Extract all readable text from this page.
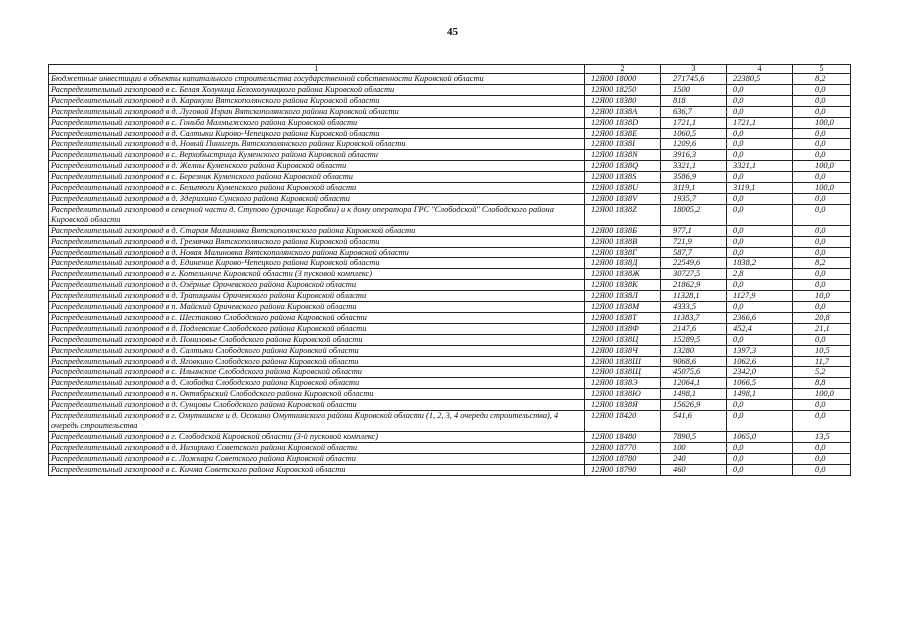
45
1	2	3	4	5
Бюджетные инвестиции в объекты капитального строительства государственной собственности Кировской области	12Я00 18000	271745,6	22380,5	8,2
Распределительный газопровод в с. Белая Холуница Белохолуницкого района Кировской области	12Я00 18250	1500	0,0	0,0
Распределительный газопровод в д. Каракули Вятскополянского района Кировской области	12Я00 18380	818	0,0	0,0
Распределительный газопровод в д. Луговой Изран Вятскополянского района Кировской области	12Я00 1838А	636,7	0,0	0,0
Распределительный газопровод в с. Гоньба Малмыжского района Кировской области	12Я00 1838D	1721,1	1721,1	100,0
Распределительный газопровод в д. Салтыки Кирово-Чепецкого района Кировской области	12Я00 1838Е	1060,5	0,0	0,0
Распределительный газопровод в д. Новый Пинигерь Вятскополянского района Кировской области	12Я00 1838I	1209,6	0,0	0,0
Распределительный газопровод в с. Верхобыстрица Куменского района Кировской области	12Я00 1838N	3916,3	0,0	0,0
Распределительный газопровод в д. Желны Куменского района Кировской области	12Я00 1838Q	3321,1	3321,1	100,0
Распределительный газопровод в с. Березник Куменского района Кировской области	12Я00 1838S	3586,9	0,0	0,0
Распределительный газопровод в с. Бельтюги Куменского района Кировской области	12Я00 1838U	3119,1	3119,1	100,0
Распределительный газопровод в д. Здерихино Сунского района Кировской области	12Я00 1838V	1935,7	0,0	0,0
Распределительный газопровод в северной части д. Ступово (урочище Коробки) и к дому оператора ГРС "Слободской" Слободского района Кировской области	12Я00 1838Z	18005,2	0,0	0,0
Распределительный газопровод в д. Старая Малиновка Вятскополянского района Кировской области	12Я00 1838Б	977,1	0,0	0,0
Распределительный газопровод в д. Гремячка Вятскополянского района Кировской области	12Я00 1838В	721,9	0,0	0,0
Распределительный газопровод в д. Новая Малиновка Вятскополянского района Кировской области	12Я00 1838Г	587,7	0,0	0,0
Распределительный газопровод в д. Единение Кирово-Чепецкого района Кировской области	12Я00 1838Д	22549,6	1838,2	8,2
Распределительный газопровод в г. Котельниче Кировской области (3 пусковой комплекс)	12Я00 1838Ж	30727,5	2,8	0,0
Распределительный газопровод в д. Озёрные Оричевского района Кировской области	12Я00 1838К	21862,9	0,0	0,0
Распределительный газопровод в д. Трапицыны Оричевского района Кировской области	12Я00 1838Л	11328,1	1127,9	10,0
Распределительный газопровод в п. Майский Оричевского района Кировской области	12Я00 1838М	4333,5	0,0	0,0
Распределительный газопровод в с. Шестаково Слободского района Кировской области	12Я00 1838Т	11383,7	2366,6	20,8
Распределительный газопровод в д. Подлевские Слободского района Кировской области	12Я00 1838Ф	2147,6	452,4	21,1
Распределительный газопровод в д. Понизовье Слободского района Кировской области	12Я00 1838Ц	15289,5	0,0	0,0
Распределительный газопровод в д. Салтыки Слободского района Кировской области	12Я00 1838Ч	13280	1397,3	10,5
Распределительный газопровод в д. Яговкино Слободского района Кировской области	12Я00 1838Ш	9068,6	1062,6	11,7
Распределительный газопровод в с. Ильинское Слободского района Кировской области	12Я00 1838Щ	45075,6	2342,0	5,2
Распределительный газопровод в д. Слободка Слободского района Кировской области	12Я00 1838Э	12064,1	1066,5	8,8
Распределительный газопровод в п. Октябрьский Слободского района Кировской области	12Я00 1838Ю	1498,1	1498,1	100,0
Распределительный газопровод в д. Сунцовы Слободского района Кировской области	12Я00 1838Я	15626,9	0,0	0,0
Распределительный газопровод в г. Омутнинске и д. Осокино Омутнинского района Кировской области (1, 2, 3, 4 очереди строительства), 4 очередь строительства	12Я00 18420	541,6	0,0	0,0
Распределительный газопровод в г. Слободской Кировской области (3-й пусковой комплекс)	12Я00 18480	7890,5	1065,0	13,5
Распределительный газопровод в д. Инзирино Советского района Кировской области	12Я00 18770	100	0,0	0,0
Распределительный газопровод в с. Ложкари Советского района Кировской области	12Я00 18780	240	0,0	0,0
Распределительный газопровод в с. Кичма Советского района Кировской области	12Я00 18790	460	0,0	0,0
